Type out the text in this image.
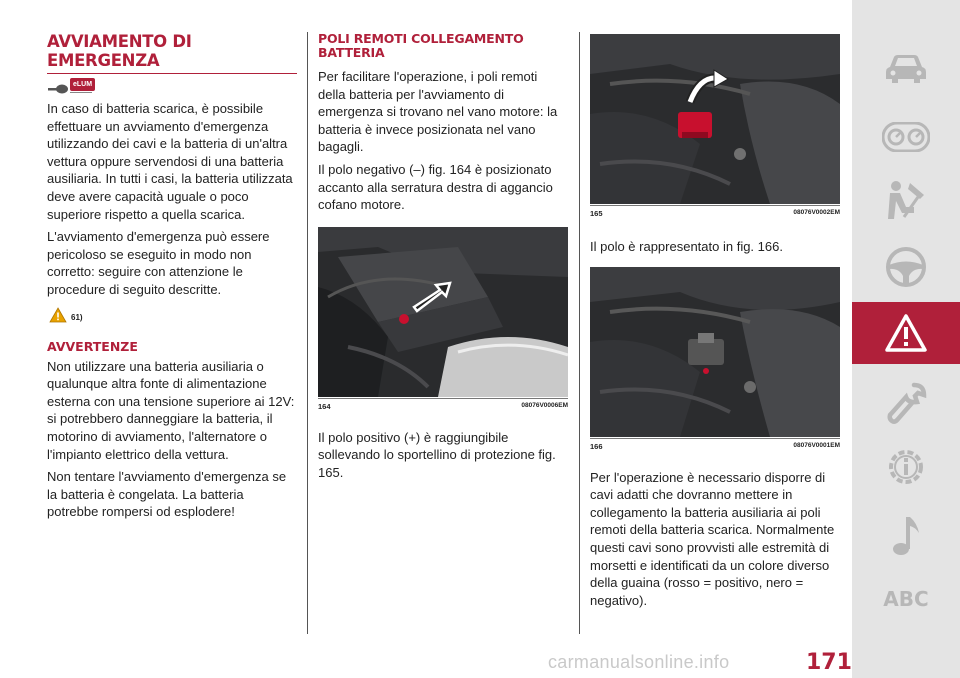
AVVIAMENTO DI EMERGENZA
eLUM

In caso di batteria scarica, è possibile effettuare un avviamento d'emergenza utilizzando dei cavi e la batteria di un'altra vettura oppure servendosi di una batteria ausiliaria. In tutti i casi, la batteria utilizzata deve avere capacità uguale o poco superiore rispetto a quella scarica.

L'avviamento d'emergenza può essere pericoloso se eseguito in modo non corretto: seguire con attenzione le procedure di seguito descritte.

61)
AVVERTENZE

Non utilizzare una batteria ausiliaria o qualunque altra fonte di alimentazione esterna con una tensione superiore ai 12V: si potrebbero danneggiare la batteria, il motorino di avviamento, l'alternatore o l'impianto elettrico della vettura.

Non tentare l'avviamento d'emergenza se la batteria è congelata. La batteria potrebbe rompersi od esplodere!

POLI REMOTI COLLEGAMENTO BATTERIA

Per facilitare l'operazione, i poli remoti della batteria per l'avviamento di emergenza si trovano nel vano motore: la batteria è invece posizionata nel vano bagagli.

Il polo negativo (–) fig. 164 è posizionato accanto alla serratura destra di aggancio cofano motore.

164	08076V0006EM

Il polo positivo (+) è raggiungibile sollevando lo sportellino di protezione fig. 165.

165	08076V0002EM

Il polo è rappresentato in fig. 166.

166	08076V0001EM

Per l'operazione è necessario disporre di cavi adatti che dovranno mettere in collegamento la batteria ausiliaria ai poli remoti della batteria scarica. Normalmente questi cavi sono provvisti alle estremità di morsetti e identificati da un colore diverso della guaina (rosso = positivo, nero = negativo).

carmanualsonline.info	171
ABC
